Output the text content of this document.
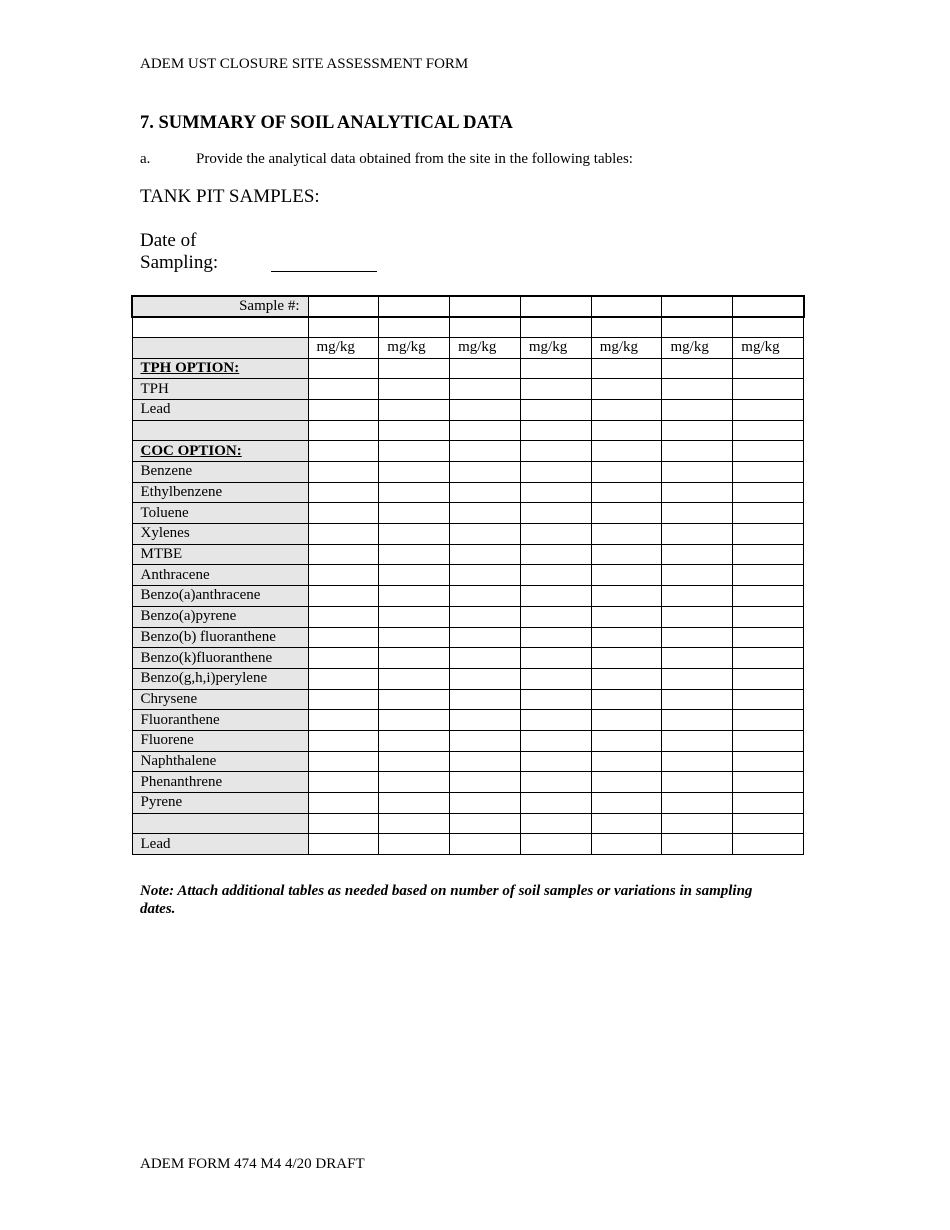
ADEM UST CLOSURE SITE ASSESSMENT FORM
7. SUMMARY OF SOIL ANALYTICAL DATA
a.	Provide the analytical data obtained from the site in the following tables:
TANK PIT SAMPLES:
Date of
Sampling:
Sample #:							

	mg/kg	mg/kg	mg/kg	mg/kg	mg/kg	mg/kg	mg/kg
TPH OPTION:							
TPH							
Lead							

COC OPTION:							
Benzene							
Ethylbenzene							
Toluene							
Xylenes							
MTBE							
Anthracene							
Benzo(a)anthracene							
Benzo(a)pyrene							
Benzo(b) fluoranthene							
Benzo(k)fluoranthene							
Benzo(g,h,i)perylene							
Chrysene							
Fluoranthene							
Fluorene							
Naphthalene							
Phenanthrene							
Pyrene							

Lead							
Note: Attach additional tables as needed based on number of soil samples or variations in sampling dates.
ADEM FORM 474 M4 4/20 DRAFT
